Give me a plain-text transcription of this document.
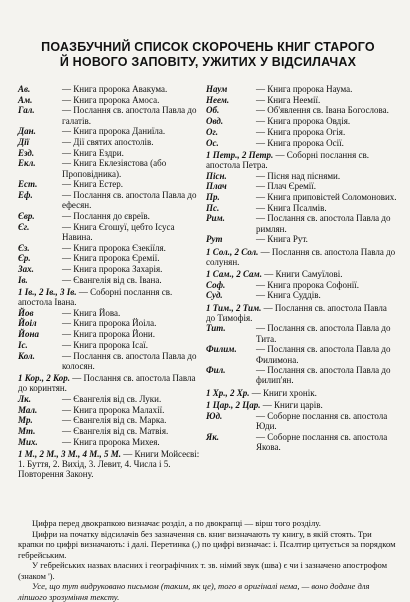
ПОАЗБУЧНИЙ СПИСОК СКОРОЧЕНЬ КНИГ СТАРОГО
Й НОВОГО ЗАПОВІТУ, УЖИТИХ У ВІДСИЛАЧАХ
Ав.	— Книга пророка Авакума.
Ам.	— Книга пророка Амоса.
Гал.	— Послання св. апостола Павла до галатів.
Дан.	— Книга пророка Даниїла.
Дії	— Дії святих апостолів.
Езд.	— Книга Ездри.
Екл.	— Книга Еклезіястова (або Проповідника).
Ест.	— Книга Естер.
Еф.	— Послання св. апостола Павла до ефесян.
Євр.	— Послання до євреїв.
Єг.	— Книга Єгошуї, цебто Ісуса Навина.
Єз.	— Книга пророка Єзекіїля.
Єр.	— Книга пророка Єремії.
Зах.	— Книга пророка Захарія.
Ів.	— Євангелія від св. Івана.
1 Ів., 2 Ів., 3 Ів. — Соборні послання св. апостола Івана.
Йов	— Книга Йова.
Йоіл	— Книга пророка Йоіла.
Йона	— Книга пророка Йони.
Іс.	— Книга пророка Ісаї.
Кол.	— Послання св. апостола Павла до колосян.
1 Кор., 2 Кор. — Послання св. апостола Павла до коринтян.
Лк.	— Євангелія від св. Луки.
Мал.	— Книга пророка Малахії.
Мр.	— Євангелія від св. Марка.
Мт.	— Євангелія від св. Матвія.
Мих.	— Книга пророка Михея.
1 М., 2 М., 3 М., 4 М., 5 М. — Книги Мойсеєві: 1. Буття, 2. Вихід, 3. Левит, 4. Числа і 5. Повторення Закону.
Наум	— Книга пророка Наума.
Неем.	— Книга Неемії.
Об.	— Об'явлення св. Івана Богослова.
Овд.	— Книга пророка Овдія.
Ог.	— Книга пророка Огія.
Ос.	— Книга пророка Осії.
1 Петр., 2 Петр. — Соборні послання св. апостола Петра.
Пісн.	— Пісня над піснями.
Плач	— Плач Єремії.
Пр.	— Книга приповістей Соломонових.
Пс.	— Книга Псалмів.
Рим.	— Послання св. апостола Павла до римлян.
Рут	— Книга Рут.
1 Сол., 2 Сол. — Послання св. апостола Павла до солунян.
1 Сам., 2 Сам. — Книги Самуїлові.
Соф.	— Книга пророка Софонії.
Суд.	— Книга Суддів.
1 Тим., 2 Тим. — Послання св. апостола Павла до Тимофія.
Тит.	— Послання св. апостола Павла до Тита.
Филим.	— Послання св. апостола Павла до Филимона.
Фил.	— Послання св. апостола Павла до филип'ян.
1 Хр., 2 Хр. — Книги хронік.
1 Цар., 2 Цар. — Книги царів.
Юд.	— Соборне послання св. апостола Юди.
Як.	— Соборне послання св. апостола Якова.

Цифра перед двокрапкою визначає розділ, а по двокрапці — вірш того розділу.

Цифри на початку відсилачів без зазначення св. книг визначають ту книгу, в якій стоять. Три крапки по цифрі визначають: і далі. Перетинка (,) по цифрі визначає: і. Псалтир цитується за порядком гебрейським.

У гебрейських назвах власних і географічних т. зв. німий звук (шва) є чи і зазначено апострофом (знаком ').

Усе, що тут видруковано письмом (таким, як це), того в оригіналі нема, — воно додане для ліпшого зрозуміння тексту.
